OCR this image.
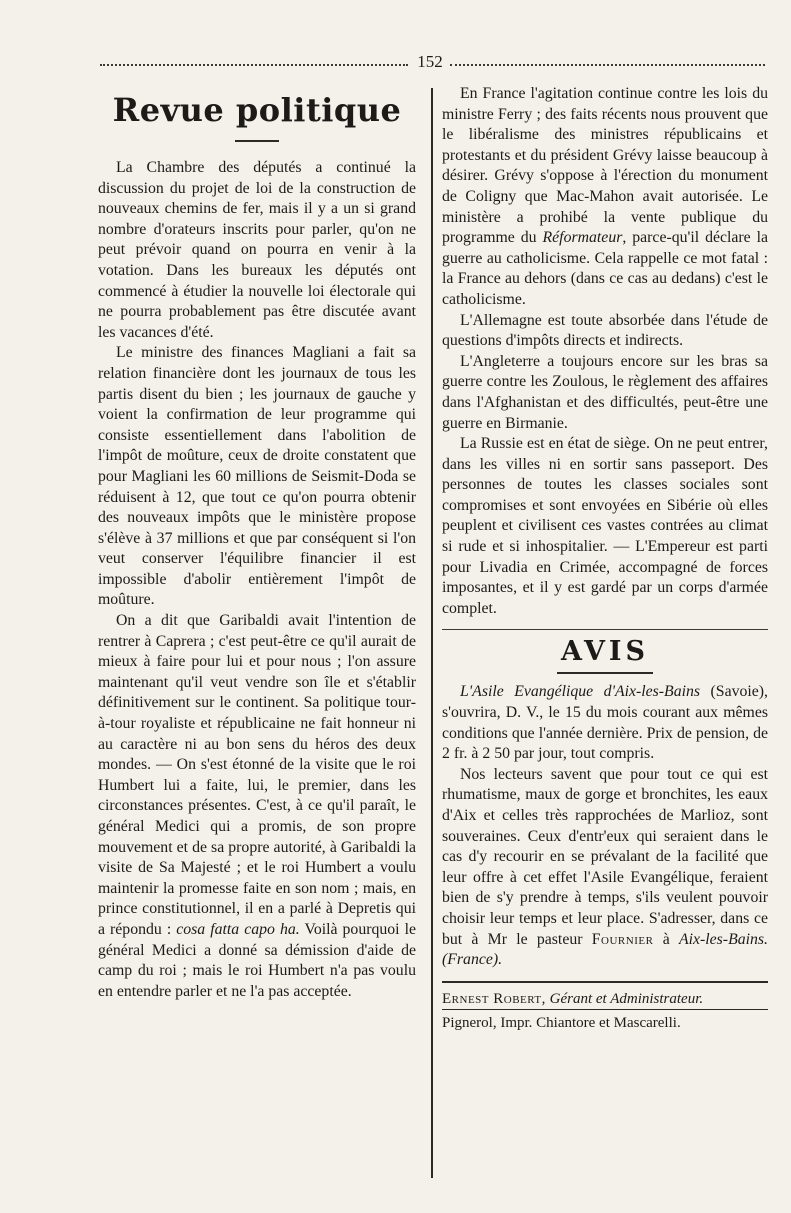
152
Revue politique

La Chambre des députés a continué la discussion du projet de loi de la construction de nouveaux chemins de fer, mais il y a un si grand nombre d'orateurs inscrits pour parler, qu'on ne peut prévoir quand on pourra en venir à la votation. Dans les bureaux les députés ont commencé à étudier la nouvelle loi électorale qui ne pourra probablement pas être discutée avant les vacances d'été.

Le ministre des finances Magliani a fait sa relation financière dont les journaux de tous les partis disent du bien ; les journaux de gauche y voient la confirmation de leur programme qui consiste essentiellement dans l'abolition de l'impôt de moûture, ceux de droite constatent que pour Magliani les 60 millions de Seismit-Doda se réduisent à 12, que tout ce qu'on pourra obtenir des nouveaux impôts que le ministère propose s'élève à 37 millions et que par conséquent si l'on veut conserver l'équilibre financier il est impossible d'abolir entièrement l'impôt de moûture.

On a dit que Garibaldi avait l'intention de rentrer à Caprera ; c'est peut-être ce qu'il aurait de mieux à faire pour lui et pour nous ; l'on assure maintenant qu'il veut vendre son île et s'établir définitivement sur le continent. Sa politique tour-à-tour royaliste et républicaine ne fait honneur ni au caractère ni au bon sens du héros des deux mondes. — On s'est étonné de la visite que le roi Humbert lui a faite, lui, le premier, dans les circonstances présentes. C'est, à ce qu'il paraît, le général Medici qui a promis, de son propre mouvement et de sa propre autorité, à Garibaldi la visite de Sa Majesté ; et le roi Humbert a voulu maintenir la promesse faite en son nom ; mais, en prince constitutionnel, il en a parlé à Depretis qui a répondu : cosa fatta capo ha. Voilà pourquoi le général Medici a donné sa démission d'aide de camp du roi ; mais le roi Humbert n'a pas voulu en entendre parler et ne l'a pas acceptée.

En France l'agitation continue contre les lois du ministre Ferry ; des faits récents nous prouvent que le libéralisme des ministres républicains et protestants et du président Grévy laisse beaucoup à désirer. Grévy s'oppose à l'érection du monument de Coligny que Mac-Mahon avait autorisée. Le ministère a prohibé la vente publique du programme du Réformateur, parce-qu'il déclare la guerre au catholicisme. Cela rappelle ce mot fatal : la France au dehors (dans ce cas au dedans) c'est le catholicisme.

L'Allemagne est toute absorbée dans l'étude de questions d'impôts directs et indirects.

L'Angleterre a toujours encore sur les bras sa guerre contre les Zoulous, le règlement des affaires dans l'Afghanistan et des difficultés, peut-être une guerre en Birmanie.

La Russie est en état de siège. On ne peut entrer, dans les villes ni en sortir sans passeport. Des personnes de toutes les classes sociales sont compromises et sont envoyées en Sibérie où elles peuplent et civilisent ces vastes contrées au climat si rude et si inhospitalier. — L'Empereur est parti pour Livadia en Crimée, accompagné de forces imposantes, et il y est gardé par un corps d'armée complet.

AVIS

L'Asile Evangélique d'Aix-les-Bains (Savoie), s'ouvrira, D. V., le 15 du mois courant aux mêmes conditions que l'année dernière. Prix de pension, de 2 fr. à 2 50 par jour, tout compris.

Nos lecteurs savent que pour tout ce qui est rhumatisme, maux de gorge et bronchites, les eaux d'Aix et celles très rapprochées de Marlioz, sont souveraines. Ceux d'entr'eux qui seraient dans le cas d'y recourir en se prévalant de la facilité que leur offre à cet effet l'Asile Evangélique, feraient bien de s'y prendre à temps, s'ils veulent pouvoir choisir leur temps et leur place. S'adresser, dans ce but à Mr le pasteur Fournier à Aix-les-Bains. (France).

Ernest Robert, Gérant et Administrateur.

Pignerol, Impr. Chiantore et Mascarelli.
